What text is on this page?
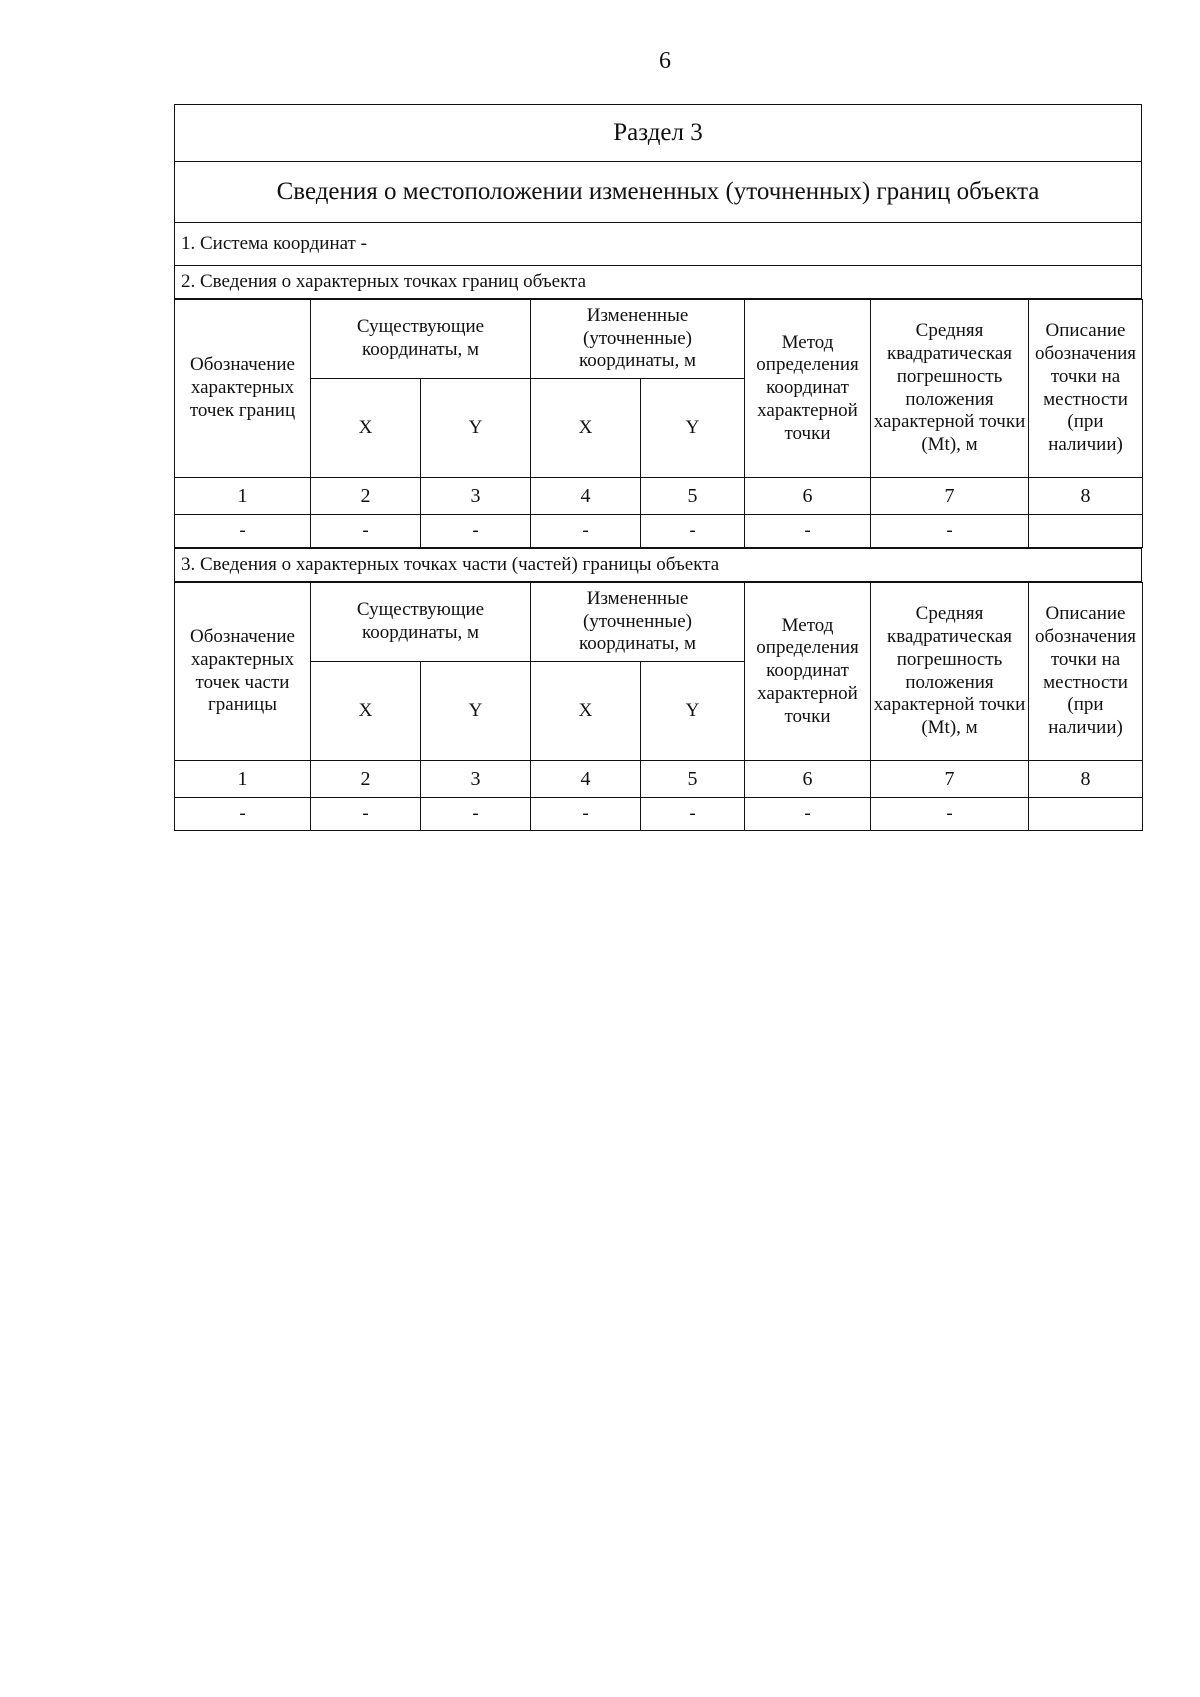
6
Раздел 3
Сведения о местоположении измененных (уточненных) границ объекта
1. Система координат -
2. Сведения о характерных точках границ объекта
Обозначение характерных точек границ	Существующие координаты, м		Измененные (уточненные) координаты, м		Метод определения координат характерной точки	Средняя квадратическая погрешность положения характерной точки (Mt), м	Описание обозначения точки на местности (при наличии)
	X	Y	X	Y			
1	2	3	4	5	6	7	8
-	-	-	-	-	-	-	
3. Сведения о характерных точках части (частей) границы объекта
Обозначение характерных точек части границы	Существующие координаты, м		Измененные (уточненные) координаты, м		Метод определения координат характерной точки	Средняя квадратическая погрешность положения характерной точки (Mt), м	Описание обозначения точки на местности (при наличии)
	X	Y	X	Y			
1	2	3	4	5	6	7	8
-	-	-	-	-	-	-	
